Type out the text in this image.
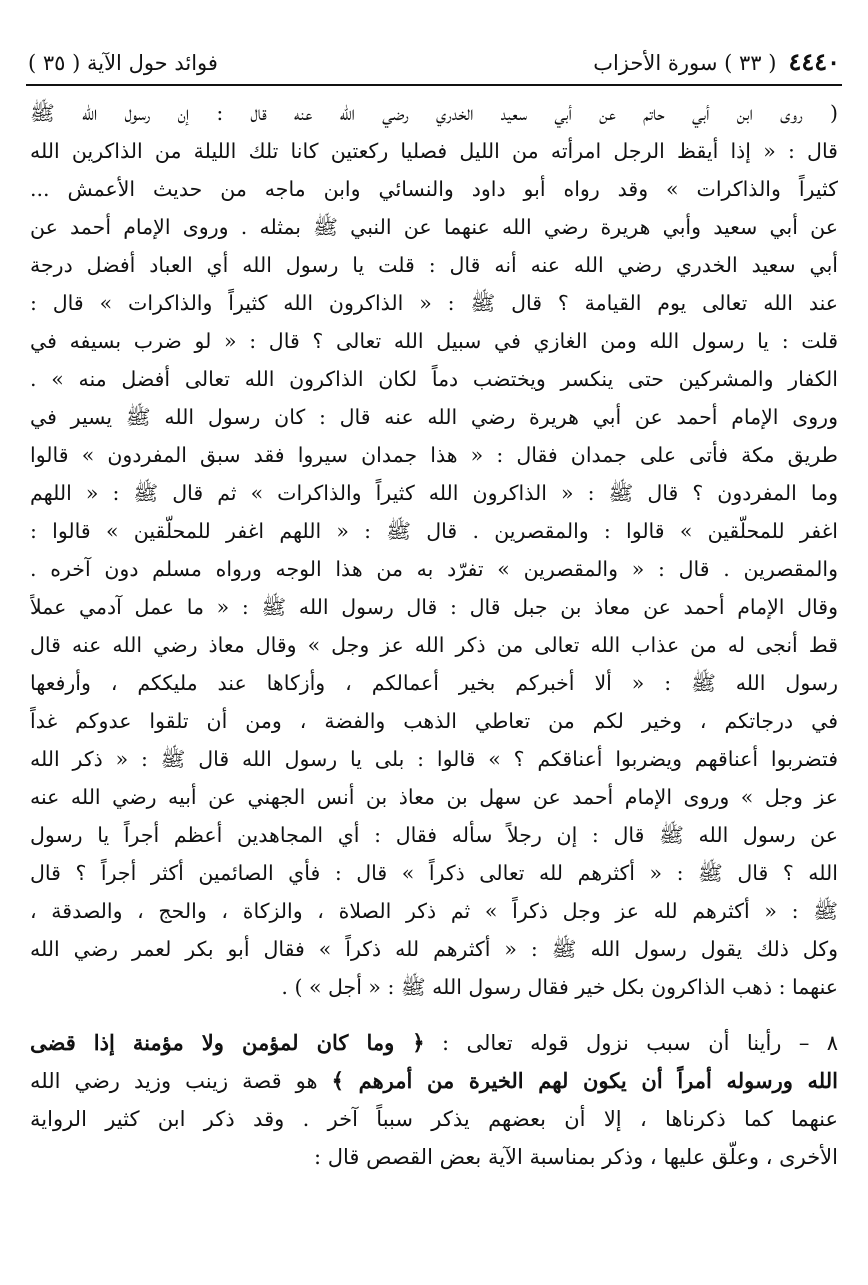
٤٤٤٠
( ٣٣ ) سورة الأحزاب
فوائد حول الآية ( ٣٥ )
( روى ابن أبي حاتم عن أبي سعيد الخدري رضي الله عنه قال : إن رسول الله ﷺ
قال : « إذا أيقظ الرجل امرأته من الليل فصليا ركعتين كانا تلك الليلة من الذاكرين الله
كثيراً والذاكرات » وقد رواه أبو داود والنسائي وابن ماجه من حديث الأعمش ...
عن أبي سعيد وأبي هريرة رضي الله عنهما عن النبي ﷺ بمثله . وروى الإمام أحمد عن
أبي سعيد الخدري رضي الله عنه أنه قال : قلت يا رسول الله أي العباد أفضل درجة
عند الله تعالى يوم القيامة ؟ قال ﷺ : « الذاكرون الله كثيراً والذاكرات » قال :
قلت : يا رسول الله ومن الغازي في سبيل الله تعالى ؟ قال : « لو ضرب بسيفه في
الكفار والمشركين حتى ينكسر ويختضب دماً لكان الذاكرون الله تعالى أفضل منه » .
وروى الإمام أحمد عن أبي هريرة رضي الله عنه قال : كان رسول الله ﷺ يسير في
طريق مكة فأتى على جمدان فقال : « هذا جمدان سيروا فقد سبق المفردون » قالوا
وما المفردون ؟ قال ﷺ : « الذاكرون الله كثيراً والذاكرات » ثم قال ﷺ : « اللهم
اغفر للمحلّقين » قالوا : والمقصرين . قال ﷺ : « اللهم اغفر للمحلّقين » قالوا :
والمقصرين . قال : « والمقصرين » تفرّد به من هذا الوجه ورواه مسلم دون آخره .
وقال الإمام أحمد عن معاذ بن جبل قال : قال رسول الله ﷺ : « ما عمل آدمي عملاً
قط أنجى له من عذاب الله تعالى من ذكر الله عز وجل » وقال معاذ رضي الله عنه قال
رسول الله ﷺ : « ألا أخبركم بخير أعمالكم ، وأزكاها عند مليككم ، وأرفعها
في درجاتكم ، وخير لكم من تعاطي الذهب والفضة ، ومن أن تلقوا عدوكم غداً
فتضربوا أعناقهم ويضربوا أعناقكم ؟ » قالوا : بلى يا رسول الله قال ﷺ : « ذكر الله
عز وجل » وروى الإمام أحمد عن سهل بن معاذ بن أنس الجهني عن أبيه رضي الله عنه
عن رسول الله ﷺ قال : إن رجلاً سأله فقال : أي المجاهدين أعظم أجراً يا رسول
الله ؟ قال ﷺ : « أكثرهم لله تعالى ذكراً » قال : فأي الصائمين أكثر أجراً ؟ قال
ﷺ : « أكثرهم لله عز وجل ذكراً » ثم ذكر الصلاة ، والزكاة ، والحج ، والصدقة ،
وكل ذلك يقول رسول الله ﷺ : « أكثرهم لله ذكراً » فقال أبو بكر لعمر رضي الله
عنهما : ذهب الذاكرون بكل خير فقال رسول الله ﷺ : « أجل » ) .
٨ – رأينا أن سبب نزول قوله تعالى : ﴿ وما كان لمؤمن ولا مؤمنة إذا قضى
الله ورسوله أمراً أن يكون لهم الخيرة من أمرهم ﴾ هو قصة زينب وزيد رضي الله
عنهما كما ذكرناها ، إلا أن بعضهم يذكر سبباً آخر . وقد ذكر ابن كثير الرواية
الأخرى ، وعلّق عليها ، وذكر بمناسبة الآية بعض القصص قال :
